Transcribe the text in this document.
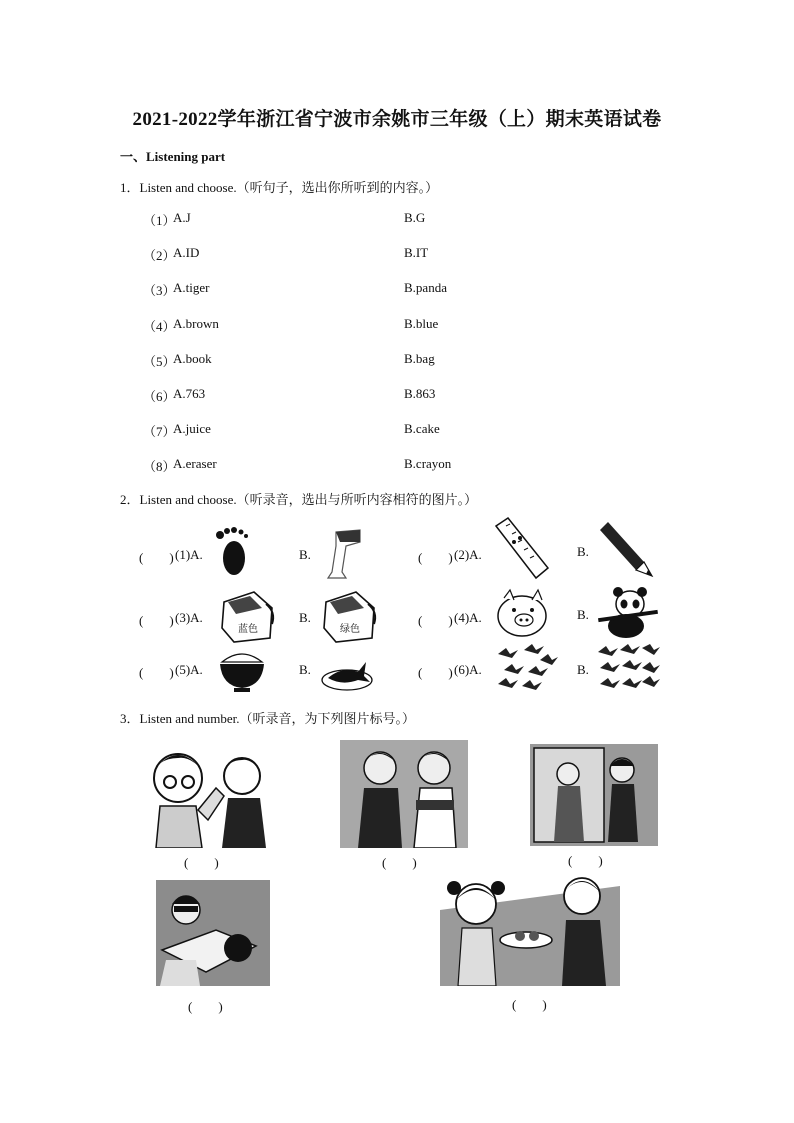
2021-2022学年浙江省宁波市余姚市三年级（上）期末英语试卷
一、Listening part
1．Listen and choose.（听句子，选出你所听到的内容。）
（1）
A.J	B.G
（2）
A.ID	B.IT
（3）
A.tiger	B.panda
（4）
A.brown	B.blue
（5）
A.book	B.bag
（6）
A.763	B.863
（7）
A.juice	B.cake
（8）
A.eraser	B.crayon
2．Listen and choose.（听录音，选出与所听内容相符的图片。）
(　　) (1)A.	B.	(　　) (2)A.	B.
(　　) (3)A.
蓝色
B.
绿色
(　　) (4)A.	B.
(　　) (5)A.	B.	(　　) (6)A.	B.
3．Listen and number.（听录音，为下列图片标号。）
(　　)	(　　)	(　　)
(　　)	(　　)
